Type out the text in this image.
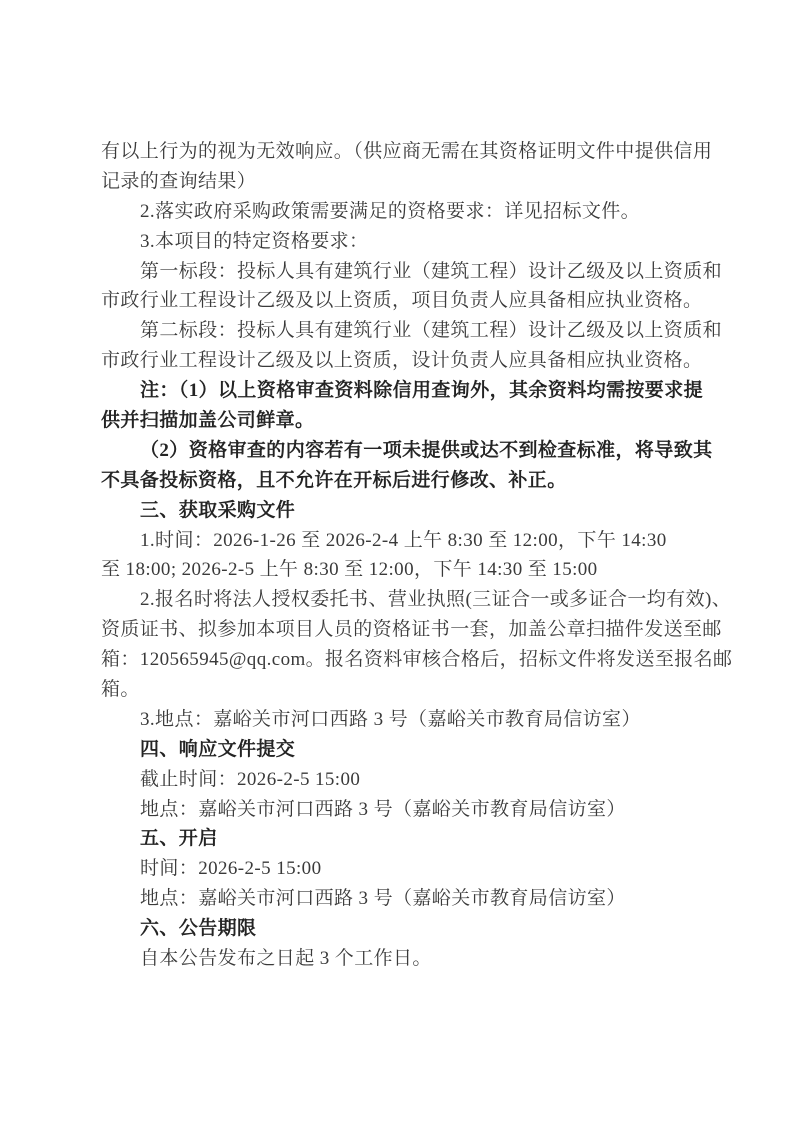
有以上行为的视为无效响应。（供应商无需在其资格证明文件中提供信用
记录的查询结果）
2.落实政府采购政策需要满足的资格要求：详见招标文件。
3.本项目的特定资格要求：
第一标段：投标人具有建筑行业（建筑工程）设计乙级及以上资质和
市政行业工程设计乙级及以上资质，项目负责人应具备相应执业资格。
第二标段：投标人具有建筑行业（建筑工程）设计乙级及以上资质和
市政行业工程设计乙级及以上资质，设计负责人应具备相应执业资格。
注：（1）以上资格审查资料除信用查询外，其余资料均需按要求提
供并扫描加盖公司鲜章。
（2）资格审查的内容若有一项未提供或达不到检查标准，将导致其
不具备投标资格，且不允许在开标后进行修改、补正。
三、获取采购文件
1.时间：2026-1-26 至 2026-2-4 上午 8:30 至 12:00，下午 14:30
至 18:00; 2026-2-5 上午 8:30 至 12:00，下午 14:30 至 15:00
2.报名时将法人授权委托书、营业执照(三证合一或多证合一均有效)、
资质证书、拟参加本项目人员的资格证书一套，加盖公章扫描件发送至邮
箱：120565945@qq.com。报名资料审核合格后，招标文件将发送至报名邮
箱。
3.地点：嘉峪关市河口西路 3 号（嘉峪关市教育局信访室）
四、响应文件提交
截止时间：2026-2-5 15:00
地点：嘉峪关市河口西路 3 号（嘉峪关市教育局信访室）
五、开启
时间：2026-2-5 15:00
地点：嘉峪关市河口西路 3 号（嘉峪关市教育局信访室）
六、公告期限
自本公告发布之日起 3 个工作日。
